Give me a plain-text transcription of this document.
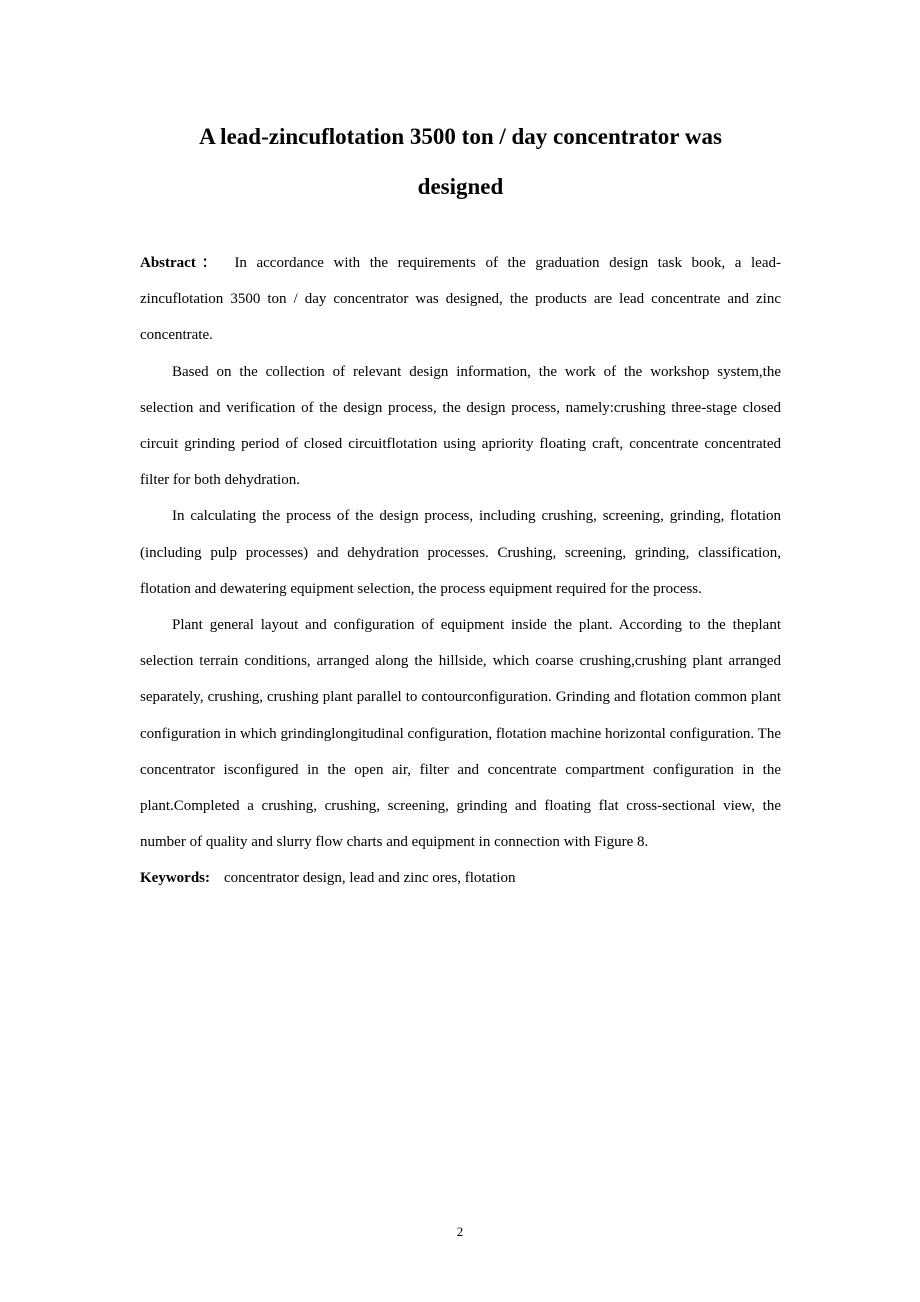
A lead-zincuflotation 3500 ton / day concentrator was
designed

Abstract： In accordance with the requirements of the graduation design task book, a lead-zincuflotation 3500 ton / day concentrator was designed, the products are lead concentrate and zinc concentrate.

Based on the collection of relevant design information, the work of the workshop system,the selection and verification of the design process, the design process, namely:crushing three-stage closed circuit grinding period of closed circuitflotation using apriority floating craft, concentrate concentrated filter for both dehydration.

In calculating the process of the design process, including crushing, screening, grinding, flotation (including pulp processes) and dehydration processes. Crushing, screening, grinding, classification, flotation and dewatering equipment selection, the process equipment required for the process.

Plant general layout and configuration of equipment inside the plant. According to the theplant selection terrain conditions, arranged along the hillside, which coarse crushing,crushing plant arranged separately, crushing, crushing plant parallel to contourconfiguration. Grinding and flotation common plant configuration in which grindinglongitudinal configuration, flotation machine horizontal configuration. The concentrator isconfigured in the open air, filter and concentrate compartment configuration in the plant.Completed a crushing, crushing, screening, grinding and floating flat cross-sectional view, the number of quality and slurry flow charts and equipment in connection with Figure 8.

Keywords: concentrator design, lead and zinc ores, flotation

2
